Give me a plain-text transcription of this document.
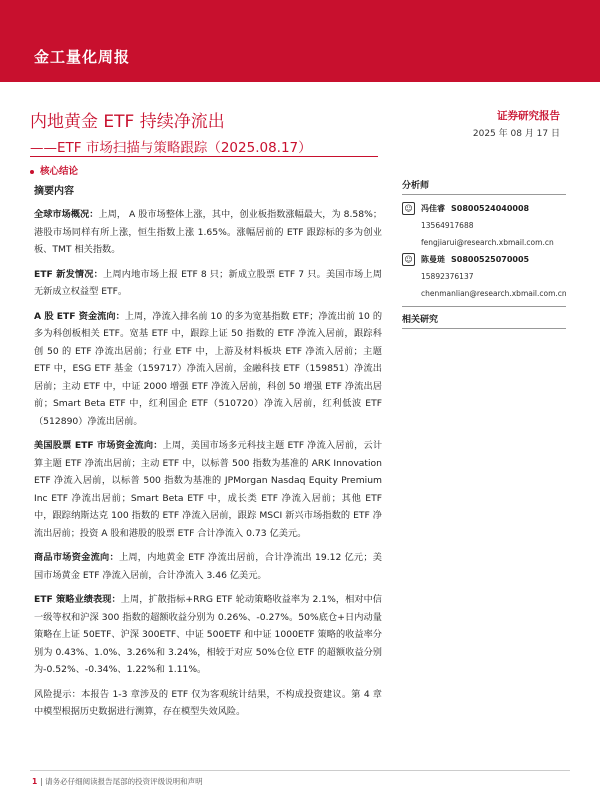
金工量化周报
内地黄金 ETF 持续净流出
——ETF 市场扫描与策略跟踪（2025.08.17）
证券研究报告
2025 年 08 月 17 日
核心结论
摘要内容
全球市场概况：上周， A 股市场整体上涨，其中，创业板指数涨幅最大，为 8.58%；港股市场同样有所上涨，恒生指数上涨 1.65%。涨幅居前的 ETF 跟踪标的多为创业板、TMT 相关指数。
ETF 新发情况：上周内地市场上报 ETF 8 只；新成立股票 ETF 7 只。美国市场上周无新成立权益型 ETF。
A 股 ETF 资金流向：上周，净流入排名前 10 的多为宽基指数 ETF；净流出前 10 的多为科创板相关 ETF。宽基 ETF 中，跟踪上证 50 指数的 ETF 净流入居前，跟踪科创 50 的 ETF 净流出居前；行业 ETF 中，上游及材料板块 ETF 净流入居前；主题 ETF 中，ESG ETF 基金（159717）净流入居前，金融科技 ETF（159851）净流出居前；主动 ETF 中，中证 2000 增强 ETF 净流入居前，科创 50 增强 ETF 净流出居前；Smart Beta ETF 中，红利国企 ETF（510720）净流入居前，红利低波 ETF（512890）净流出居前。
美国股票 ETF 市场资金流向：上周，美国市场多元科技主题 ETF 净流入居前，云计算主题 ETF 净流出居前；主动 ETF 中，以标普 500 指数为基准的 ARK Innovation ETF 净流入居前，以标普 500 指数为基准的 JPMorgan Nasdaq Equity Premium Inc ETF 净流出居前；Smart Beta ETF 中，成长类 ETF 净流入居前；其他 ETF 中，跟踪纳斯达克 100 指数的 ETF 净流入居前，跟踪 MSCI 新兴市场指数的 ETF 净流出居前；投资 A 股和港股的股票 ETF 合计净流入 0.73 亿美元。
商品市场资金流向：上周，内地黄金 ETF 净流出居前，合计净流出 19.12 亿元；美国市场黄金 ETF 净流入居前，合计净流入 3.46 亿美元。
ETF 策略业绩表现：上周，扩散指标+RRG ETF 轮动策略收益率为 2.1%，相对中信一级等权和沪深 300 指数的超额收益分别为 0.26%、-0.27%。50%底仓+日内动量策略在上证 50ETF、沪深 300ETF、中证 500ETF 和中证 1000ETF 策略的收益率分别为 0.43%、1.0%、3.26%和 3.24%，相较于对应 50%仓位 ETF 的超额收益分别为-0.52%、-0.34%、1.22%和 1.11%。
风险提示：本报告 1-3 章涉及的 ETF 仅为客观统计结果，不构成投资建议。第 4 章中模型根据历史数据进行测算，存在模型失效风险。
分析师
☺ 冯佳睿 S0800524040008
13564917688
fengjiarui@research.xbmail.com.cn
☺ 陈曼琏 S0800525070005
15892376137
chenmanlian@research.xbmail.com.cn
相关研究
1 | 请务必仔细阅读报告尾部的投资评级说明和声明
